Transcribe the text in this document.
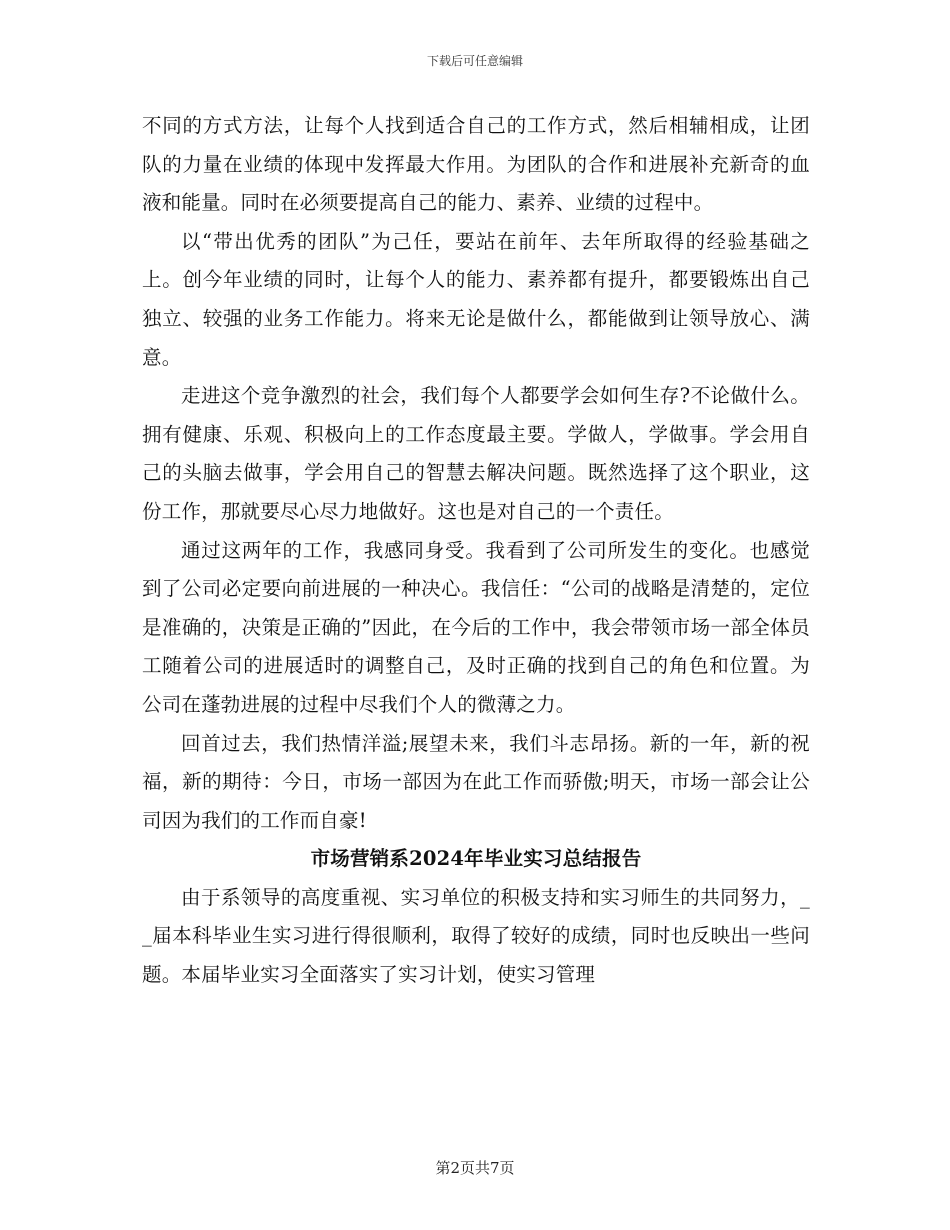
下载后可任意编辑

不同的方式方法，让每个人找到适合自己的工作方式，然后相辅相成，让团队的力量在业绩的体现中发挥最大作用。为团队的合作和进展补充新奇的血液和能量。同时在必须要提高自己的能力、素养、业绩的过程中。

以“带出优秀的团队”为己任，要站在前年、去年所取得的经验基础之上。创今年业绩的同时，让每个人的能力、素养都有提升，都要锻炼出自己独立、较强的业务工作能力。将来无论是做什么，都能做到让领导放心、满意。

走进这个竞争激烈的社会，我们每个人都要学会如何生存?不论做什么。拥有健康、乐观、积极向上的工作态度最主要。学做人，学做事。学会用自己的头脑去做事，学会用自己的智慧去解决问题。既然选择了这个职业，这份工作，那就要尽心尽力地做好。这也是对自己的一个责任。

通过这两年的工作，我感同身受。我看到了公司所发生的变化。也感觉到了公司必定要向前进展的一种决心。我信任：“公司的战略是清楚的，定位是准确的，决策是正确的”因此，在今后的工作中，我会带领市场一部全体员工随着公司的进展适时的调整自己，及时正确的找到自己的角色和位置。为公司在蓬勃进展的过程中尽我们个人的微薄之力。

回首过去，我们热情洋溢;展望未来，我们斗志昂扬。新的一年，新的祝福，新的期待：今日，市场一部因为在此工作而骄傲;明天，市场一部会让公司因为我们的工作而自豪!

市场营销系2024年毕业实习总结报告

由于系领导的高度重视、实习单位的积极支持和实习师生的共同努力，__届本科毕业生实习进行得很顺利，取得了较好的成绩，同时也反映出一些问题。本届毕业实习全面落实了实习计划，使实习管理

第2页共7页
